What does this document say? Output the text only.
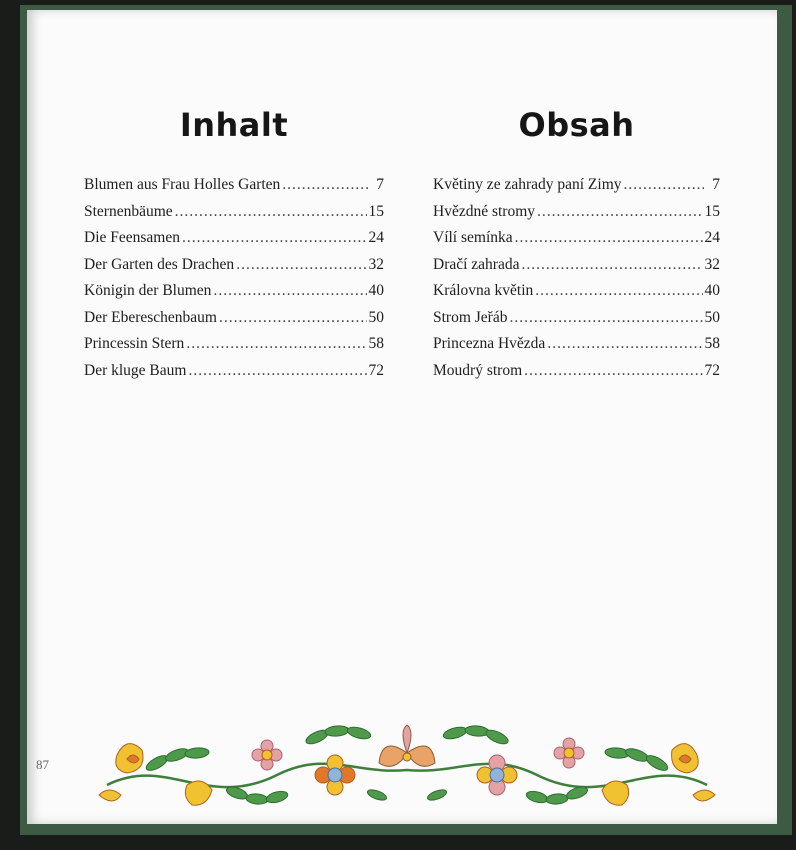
Inhalt
Blumen aus Frau Holles Garten .....	7
Sternenbäume .....	15
Die Feensamen .....	24
Der Garten des Drachen .....	32
Königin der Blumen .....	40
Der Ebereschenbaum .....	50
Princessin Stern .....	58
Der kluge Baum .....	72
Obsah
Květiny ze zahrady paní Zimy .....	7
Hvězdné stromy .....	15
Vílí semínka .....	24
Dračí zahrada .....	32
Královna květin .....	40
Strom Jeřáb .....	50
Princezna Hvězda .....	58
Moudrý strom .....	72
87
